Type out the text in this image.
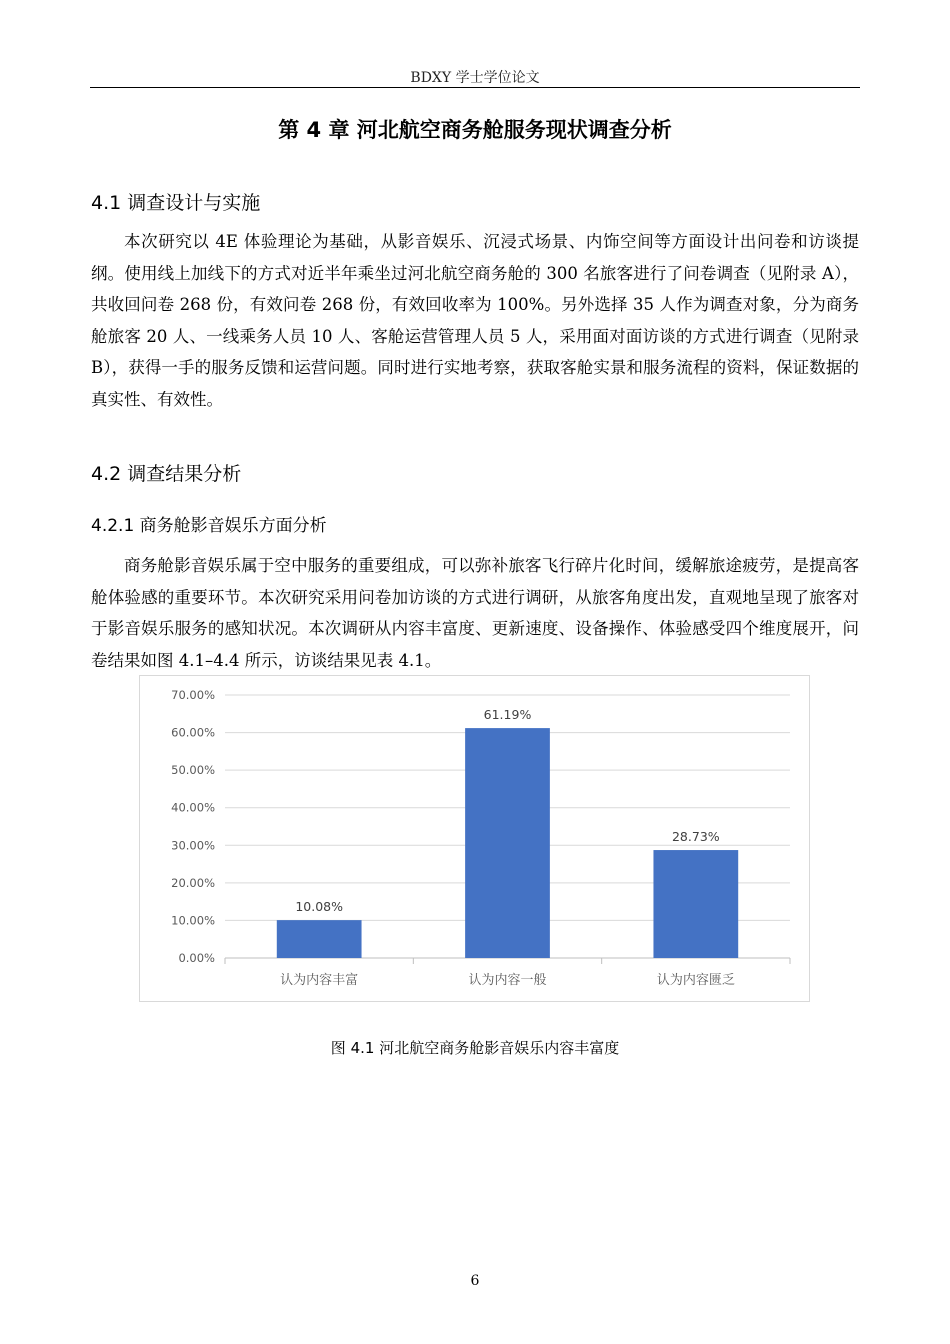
BDXY 学士学位论文
第 4 章 河北航空商务舱服务现状调查分析
4.1 调查设计与实施

本次研究以 4E 体验理论为基础，从影音娱乐、沉浸式场景、内饰空间等方面设计出问卷和访谈提纲。使用线上加线下的方式对近半年乘坐过河北航空商务舱的 300 名旅客进行了问卷调查（见附录 A），共收回问卷 268 份，有效问卷 268 份，有效回收率为 100%。另外选择 35 人作为调查对象，分为商务舱旅客 20 人、一线乘务人员 10 人、客舱运营管理人员 5 人，采用面对面访谈的方式进行调查（见附录 B），获得一手的服务反馈和运营问题。同时进行实地考察，获取客舱实景和服务流程的资料，保证数据的真实性、有效性。

4.2 调查结果分析
4.2.1 商务舱影音娱乐方面分析

商务舱影音娱乐属于空中服务的重要组成，可以弥补旅客飞行碎片化时间，缓解旅途疲劳，是提高客舱体验感的重要环节。本次研究采用问卷加访谈的方式进行调研，从旅客角度出发，直观地呈现了旅客对于影音娱乐服务的感知状况。本次调研从内容丰富度、更新速度、设备操作、体验感受四个维度展开，问卷结果如图 4.1–4.4 所示，访谈结果见表 4.1。

0.00%
10.00%
20.00%
30.00%
40.00%
50.00%
60.00%
70.00%
10.08%
认为内容丰富
61.19%
认为内容一般
28.73%
认为内容匮乏
图 4.1 河北航空商务舱影音娱乐内容丰富度
6
